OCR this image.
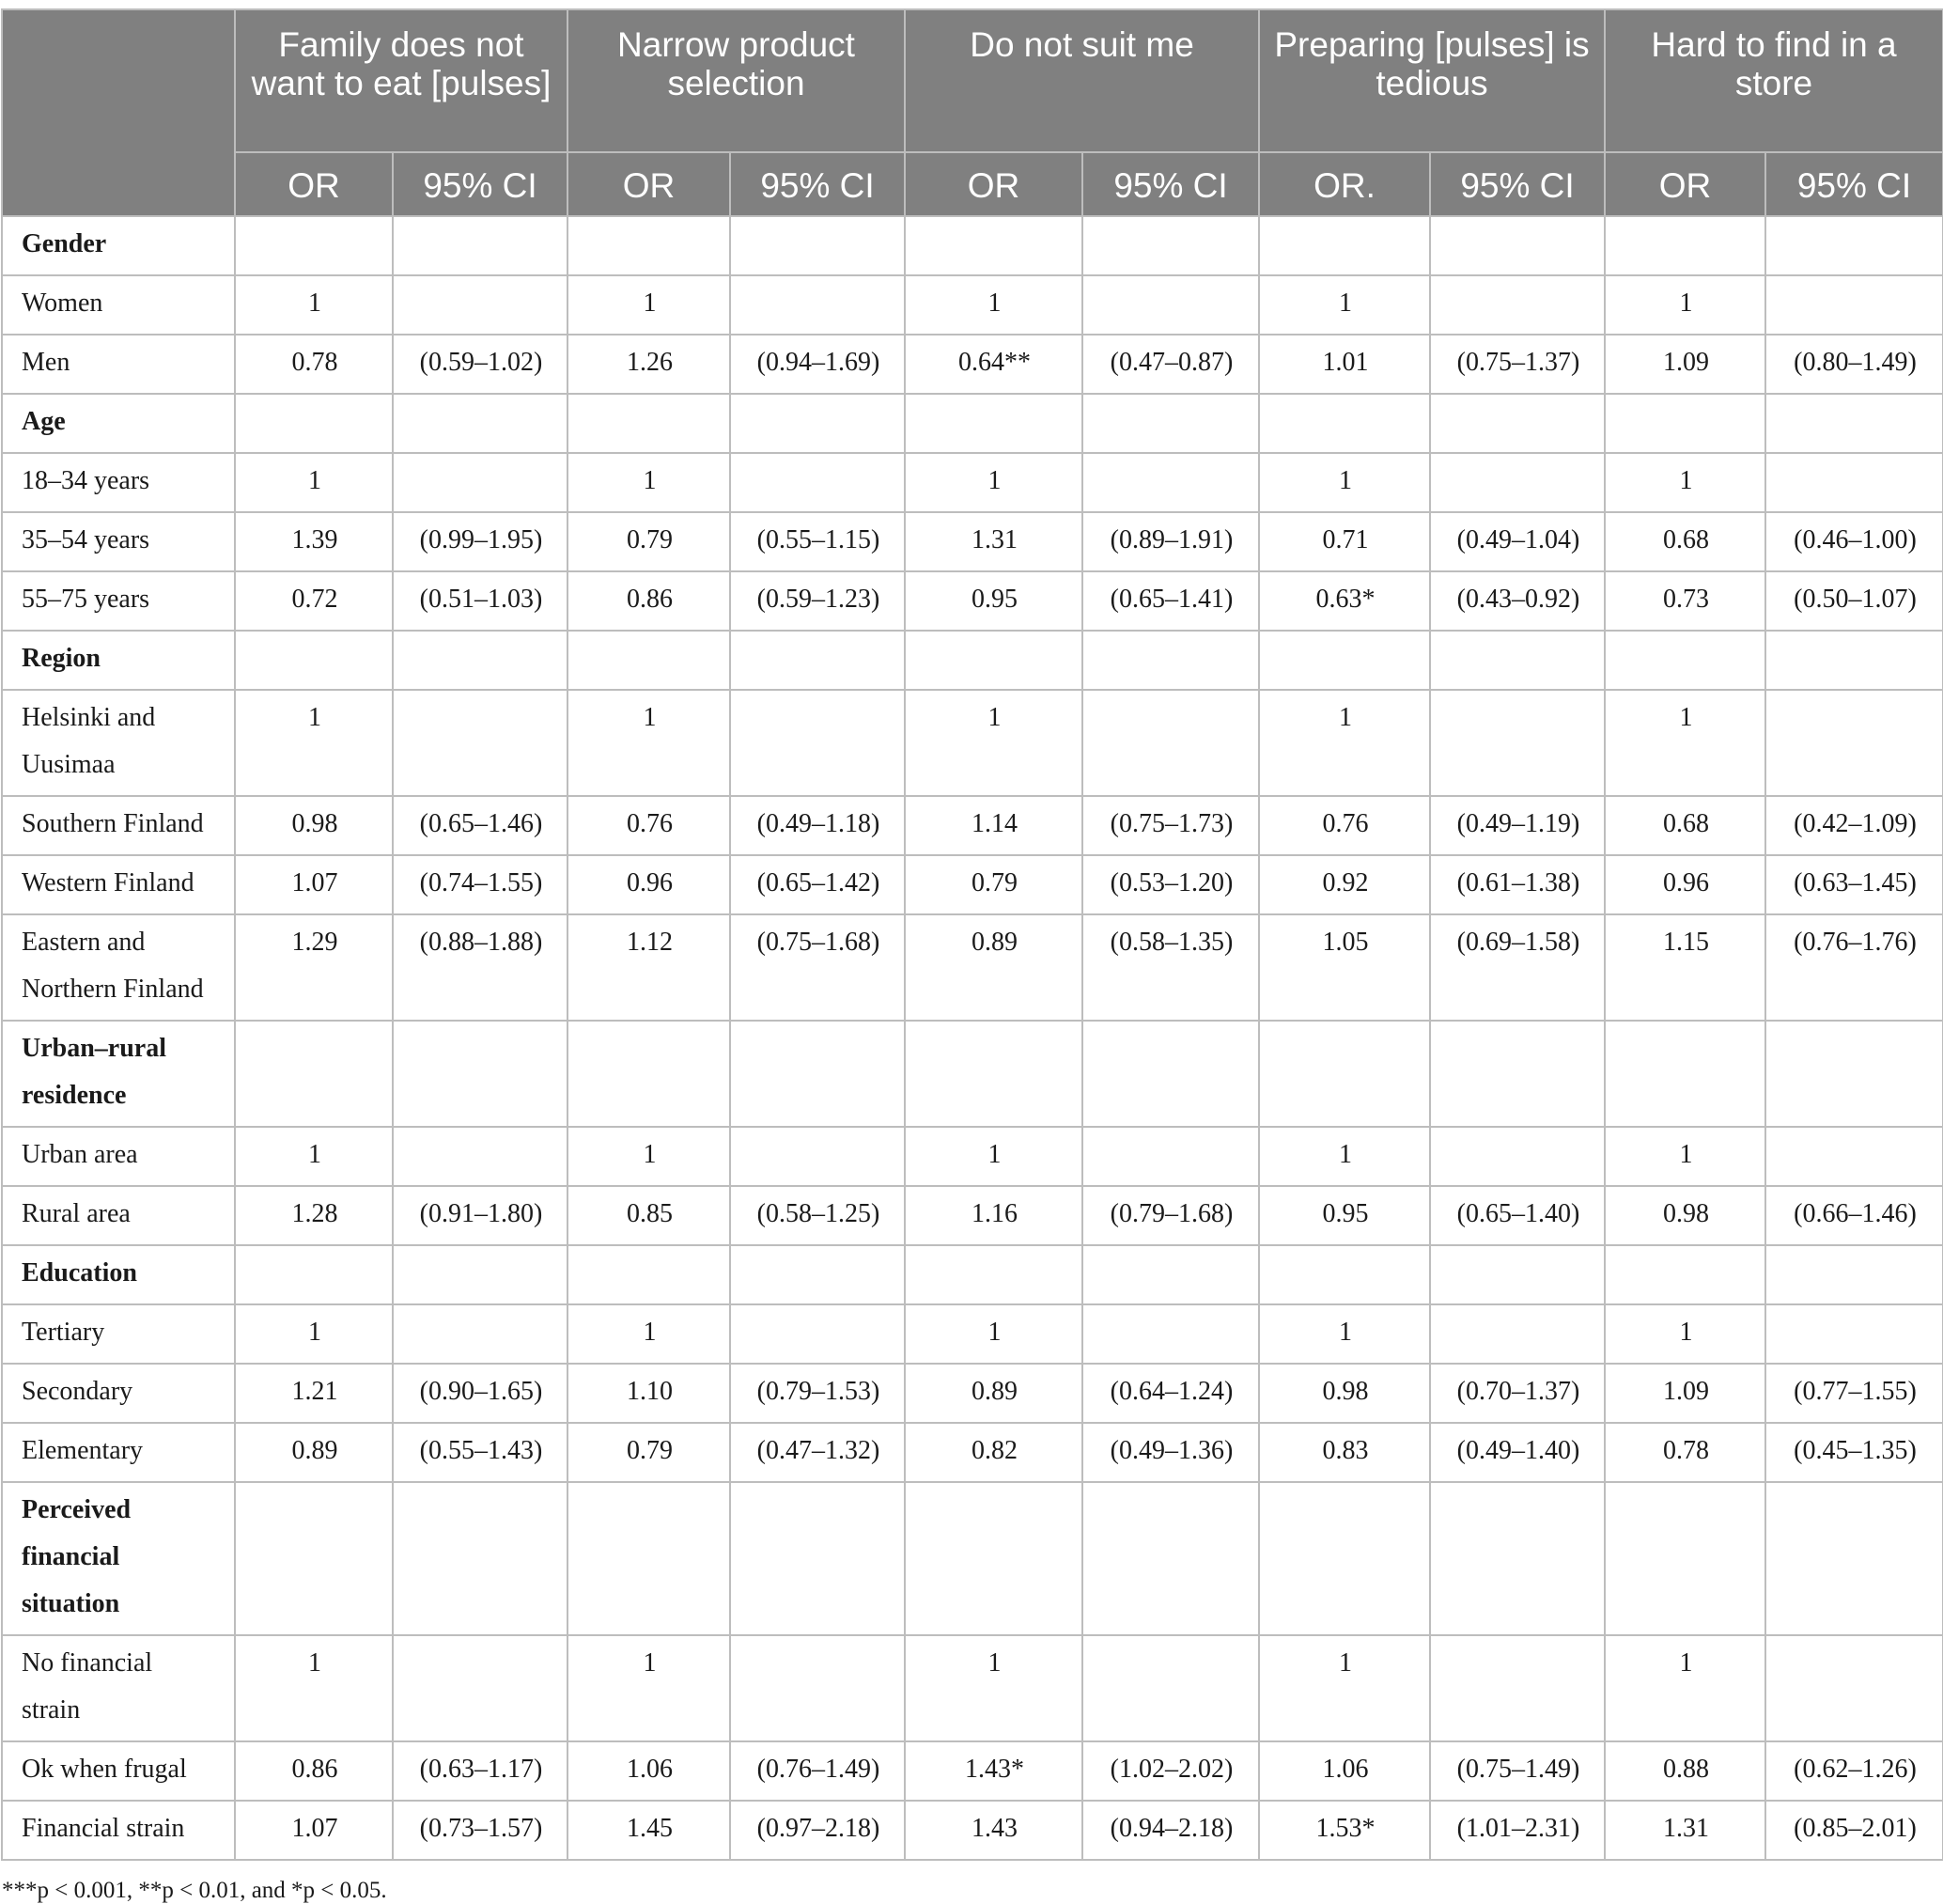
	Family does not want to eat [pulses]		Narrow product selection		Do not suit me		Preparing [pulses] is tedious		Hard to find in a store	
	OR	95% CI	OR	95% CI	OR	95% CI	OR.	95% CI	OR	95% CI
Gender										
Women	1		1		1		1		1	
Men	0.78	(0.59–1.02)	1.26	(0.94–1.69)	0.64**	(0.47–0.87)	1.01	(0.75–1.37)	1.09	(0.80–1.49)
Age										
18–34 years	1		1		1		1		1	
35–54 years	1.39	(0.99–1.95)	0.79	(0.55–1.15)	1.31	(0.89–1.91)	0.71	(0.49–1.04)	0.68	(0.46–1.00)
55–75 years	0.72	(0.51–1.03)	0.86	(0.59–1.23)	0.95	(0.65–1.41)	0.63*	(0.43–0.92)	0.73	(0.50–1.07)
Region										
Helsinki and Uusimaa	1		1		1		1		1	
Southern Finland	0.98	(0.65–1.46)	0.76	(0.49–1.18)	1.14	(0.75–1.73)	0.76	(0.49–1.19)	0.68	(0.42–1.09)
Western Finland	1.07	(0.74–1.55)	0.96	(0.65–1.42)	0.79	(0.53–1.20)	0.92	(0.61–1.38)	0.96	(0.63–1.45)
Eastern and Northern Finland	1.29	(0.88–1.88)	1.12	(0.75–1.68)	0.89	(0.58–1.35)	1.05	(0.69–1.58)	1.15	(0.76–1.76)
Urban–rural residence										
Urban area	1		1		1		1		1	
Rural area	1.28	(0.91–1.80)	0.85	(0.58–1.25)	1.16	(0.79–1.68)	0.95	(0.65–1.40)	0.98	(0.66–1.46)
Education										
Tertiary	1		1		1		1		1	
Secondary	1.21	(0.90–1.65)	1.10	(0.79–1.53)	0.89	(0.64–1.24)	0.98	(0.70–1.37)	1.09	(0.77–1.55)
Elementary	0.89	(0.55–1.43)	0.79	(0.47–1.32)	0.82	(0.49–1.36)	0.83	(0.49–1.40)	0.78	(0.45–1.35)
Perceived financial situation										
No financial strain	1		1		1		1		1	
Ok when frugal	0.86	(0.63–1.17)	1.06	(0.76–1.49)	1.43*	(1.02–2.02)	1.06	(0.75–1.49)	0.88	(0.62–1.26)
Financial strain	1.07	(0.73–1.57)	1.45	(0.97–2.18)	1.43	(0.94–2.18)	1.53*	(1.01–2.31)	1.31	(0.85–2.01)
***p < 0.001, **p < 0.01, and *p < 0.05.
